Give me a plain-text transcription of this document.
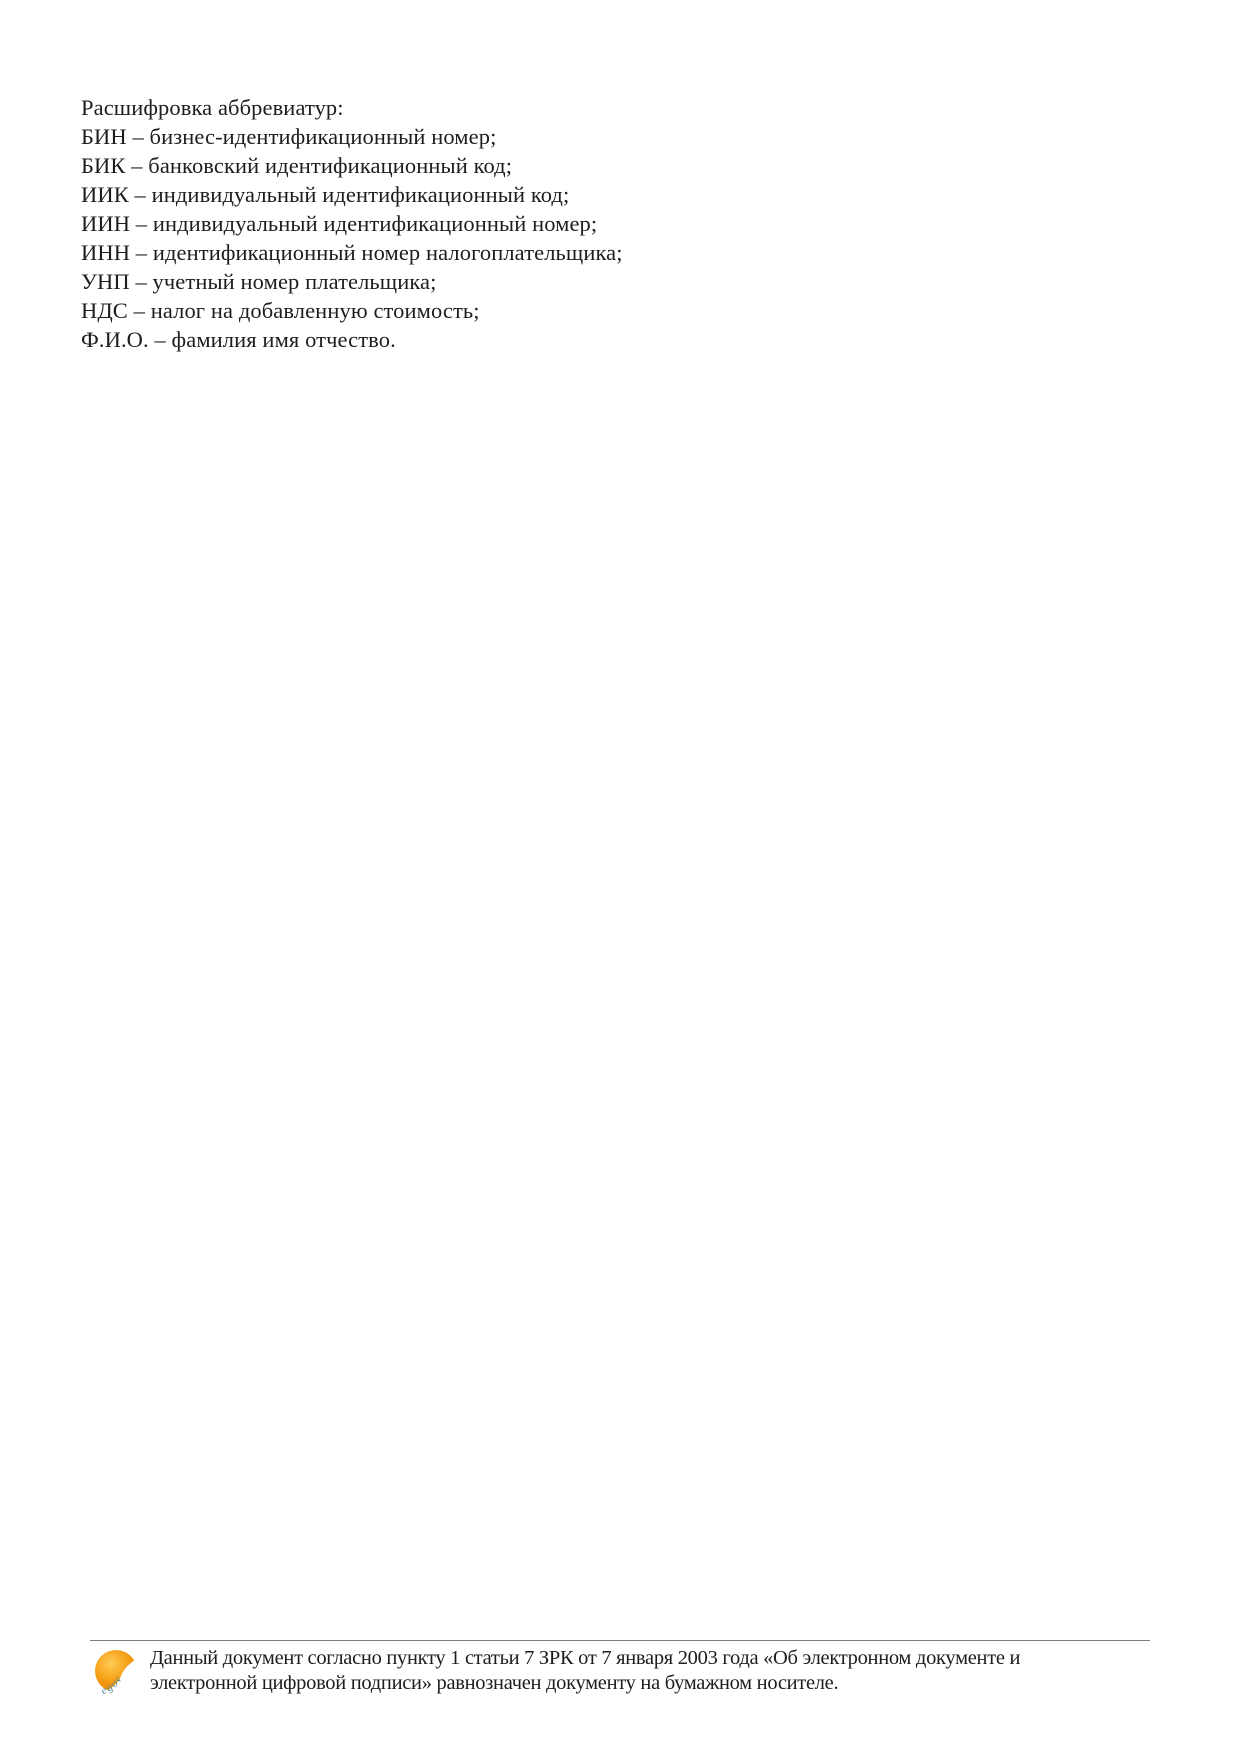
Расшифровка аббревиатур:
БИН – бизнес-идентификационный номер;
БИК – банковский идентификационный код;
ИИК – индивидуальный идентификационный код;
ИИН – индивидуальный идентификационный номер;
ИНН – идентификационный номер налогоплательщика;
УНП – учетный номер плательщика;
НДС – налог на добавленную стоимость;
Ф.И.О. – фамилия имя отчество.
egov
Данный документ согласно пункту 1 статьи 7 ЗРК от 7 января 2003 года «Об электронном документе и
электронной цифровой подписи» равнозначен документу на бумажном носителе.
